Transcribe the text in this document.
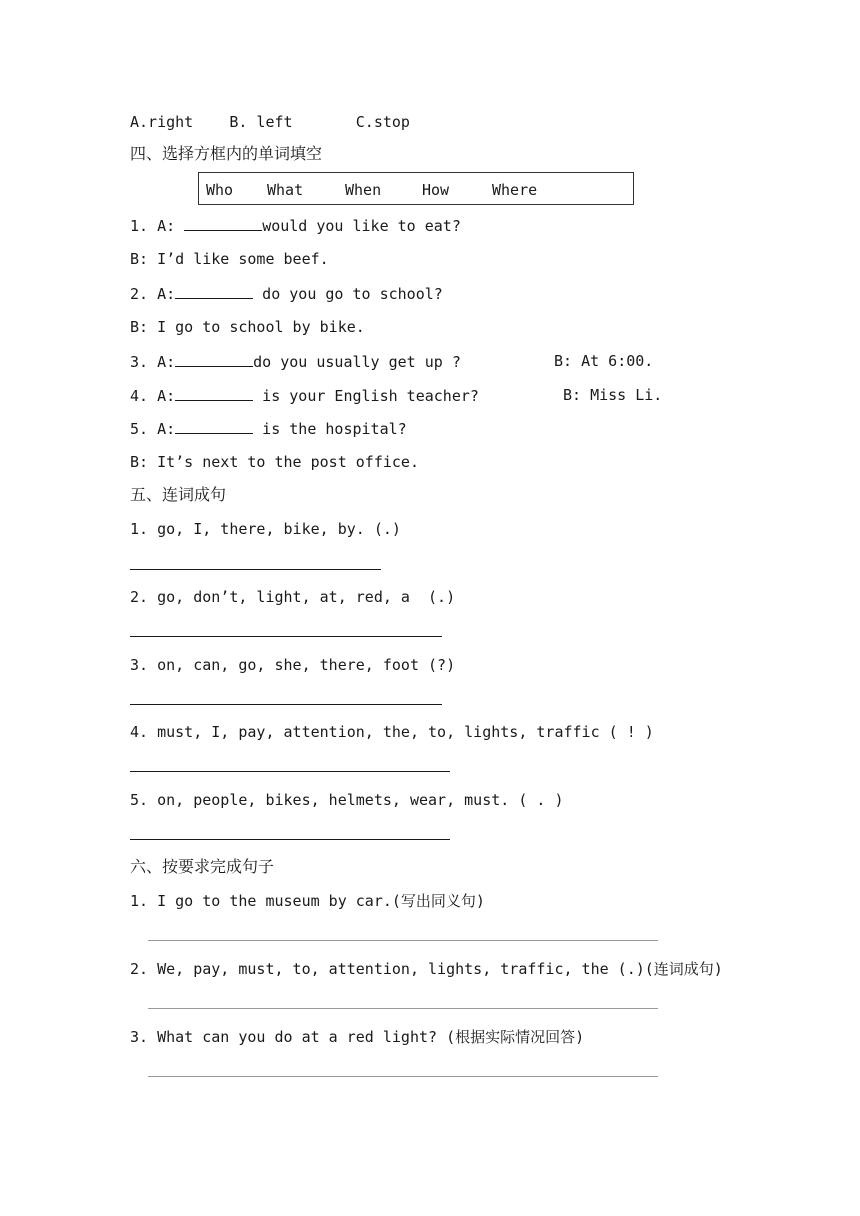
A.right B. left	C.stop
四、选择方框内的单词填空
Who What	When	How	Where
1. A:	would you like to eat?
B: I’d like some beef.
2. A:	do you go to school?
B: I go to school by bike.
3. A:	do you usually get up ?	B: At 6:00.
4. A:	is your English teacher?	B: Miss Li.
5. A:	is the hospital?
B: It’s next to the post office.
五、连词成句
1. go, I, there, bike, by. (.)
2. go, don’t, light, at, red, a  (.)
3. on, can, go, she, there, foot (?)
4. must, I, pay, attention, the, to, lights, traffic ( ! )
5. on, people, bikes, helmets, wear, must. ( . )
六、按要求完成句子
1. I go to the museum by car.(写出同义句)
2. We, pay, must, to, attention, lights, traffic, the (.)(连词成句)
3. What can you do at a red light? (根据实际情况回答)
